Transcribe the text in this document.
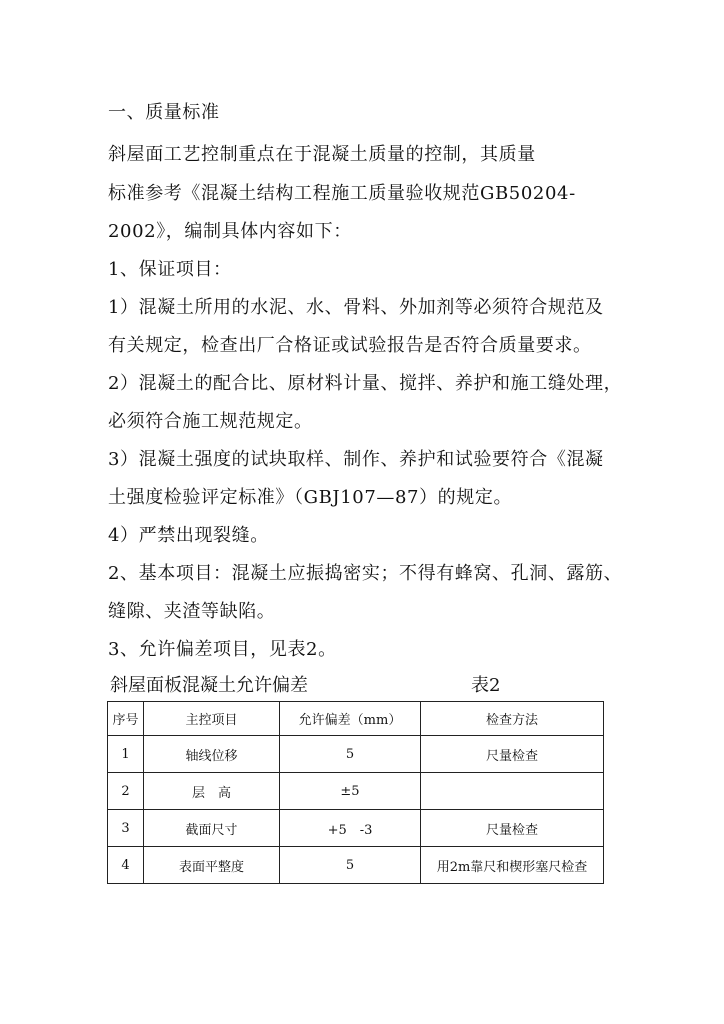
一、质量标准
斜屋面工艺控制重点在于混凝土质量的控制，其质量
标准参考《混凝土结构工程施工质量验收规范GB50204-
2002》，编制具体内容如下：
1、保证项目：
1）混凝土所用的水泥、水、骨料、外加剂等必须符合规范及
有关规定，检查出厂合格证或试验报告是否符合质量要求。
2）混凝土的配合比、原材料计量、搅拌、养护和施工缝处理，
必须符合施工规范规定。
3）混凝土强度的试块取样、制作、养护和试验要符合《混凝
土强度检验评定标准》（GBJ107—87）的规定。
4）严禁出现裂缝。
2、基本项目：混凝土应振捣密实；不得有蜂窝、孔洞、露筋、
缝隙、夹渣等缺陷。
3、允许偏差项目，见表2。
斜屋面板混凝土允许偏差	表2
序号	主控项目	允许偏差（mm）	检查方法
1	轴线位移	5	尺量检查
2	层　高	±5	
3	截面尺寸	+5　-3	尺量检查
4	表面平整度	5	用2m靠尺和楔形塞尺检查
